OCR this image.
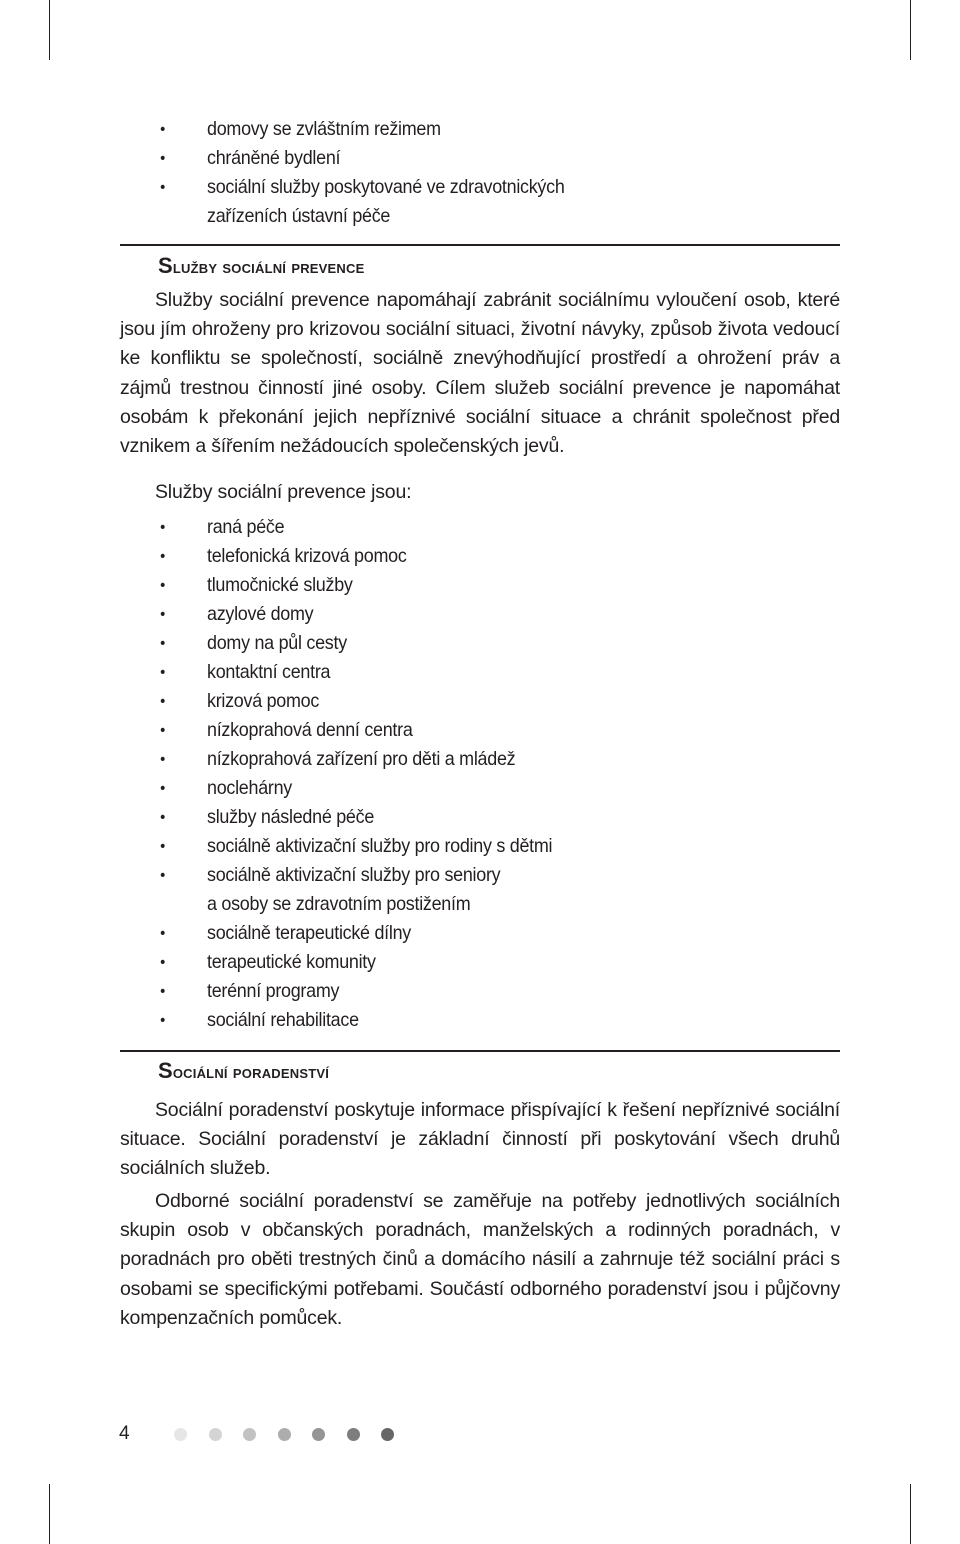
• domovy se zvláštním režimem
• chráněné bydlení
• sociální služby poskytované ve zdravotnických
zařízeních ústavní péče
Služby sociální prevence
Služby sociální prevence napomáhají zabránit sociálnímu vyloučení osob, které jsou jím ohroženy pro krizovou sociální situaci, životní návyky, způsob života vedoucí ke konfliktu se společností, sociálně znevýhodňující prostředí a ohrožení práv a zájmů trestnou činností jiné osoby. Cílem služeb sociální prevence je napomáhat osobám k překonání jejich nepříznivé sociální situace a chránit společnost před vznikem a šířením nežádoucích společenských jevů.
Služby sociální prevence jsou:
• raná péče
• telefonická krizová pomoc
• tlumočnické služby
• azylové domy
• domy na půl cesty
• kontaktní centra
• krizová pomoc
• nízkoprahová denní centra
• nízkoprahová zařízení pro děti a mládež
• noclehárny
• služby následné péče
• sociálně aktivizační služby pro rodiny s dětmi
• sociálně aktivizační služby pro seniory
a osoby se zdravotním postižením
• sociálně terapeutické dílny
• terapeutické komunity
• terénní programy
• sociální rehabilitace
Sociální poradenství
Sociální poradenství poskytuje informace přispívající k řešení nepříznivé sociální situace. Sociální poradenství je základní činností při poskytování všech druhů sociálních služeb.
Odborné sociální poradenství se zaměřuje na potřeby jednotlivých sociálních skupin osob v občanských poradnách, manželských a rodinných poradnách, v poradnách pro oběti trestných činů a domácího násilí a zahrnuje též sociální práci s osobami se specifickými potřebami. Součástí odborného poradenství jsou i půjčovny kompenzačních pomůcek.
4
